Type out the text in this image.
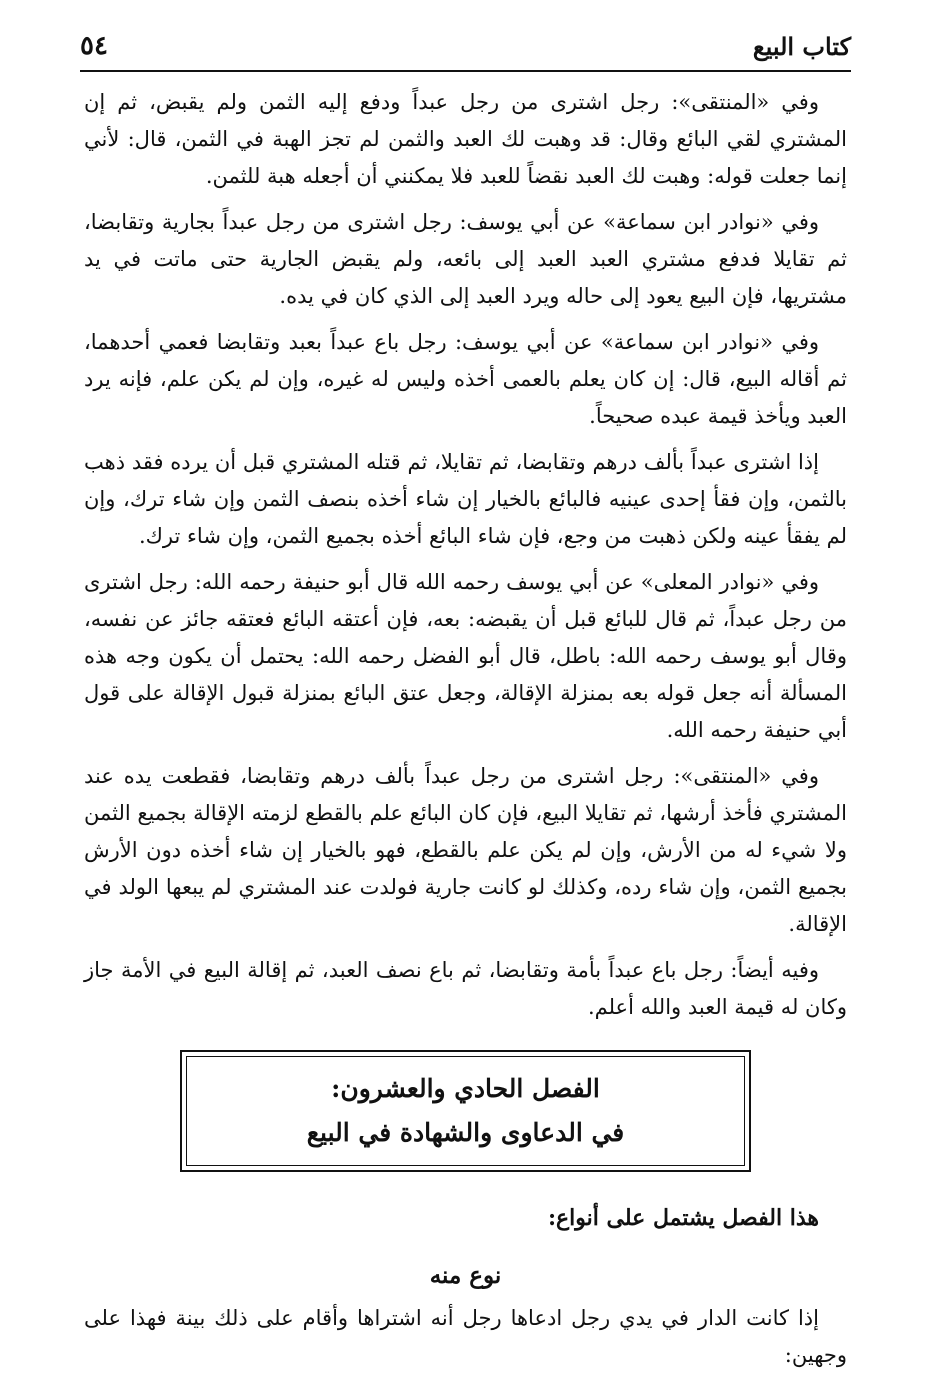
كتاب البيع
٥٤

وفي «المنتقى»: رجل اشترى من رجل عبداً ودفع إليه الثمن ولم يقبض، ثم إن المشتري لقي البائع وقال: قد وهبت لك العبد والثمن لم تجز الهبة في الثمن، قال: لأني إنما جعلت قوله: وهبت لك العبد نقضاً للعبد فلا يمكنني أن أجعله هبة للثمن.

وفي «نوادر ابن سماعة» عن أبي يوسف: رجل اشترى من رجل عبداً بجارية وتقابضا، ثم تقايلا فدفع مشتري العبد العبد إلى بائعه، ولم يقبض الجارية حتى ماتت في يد مشتريها، فإن البيع يعود إلى حاله ويرد العبد إلى الذي كان في يده.

وفي «نوادر ابن سماعة» عن أبي يوسف: رجل باع عبداً بعبد وتقابضا فعمي أحدهما، ثم أقاله البيع، قال: إن كان يعلم بالعمى أخذه وليس له غيره، وإن لم يكن علم، فإنه يرد العبد ويأخذ قيمة عبده صحيحاً.

إذا اشترى عبداً بألف درهم وتقابضا، ثم تقايلا، ثم قتله المشتري قبل أن يرده فقد ذهب بالثمن، وإن فقأ إحدى عينيه فالبائع بالخيار إن شاء أخذه بنصف الثمن وإن شاء ترك، وإن لم يفقأ عينه ولكن ذهبت من وجع، فإن شاء البائع أخذه بجميع الثمن، وإن شاء ترك.

وفي «نوادر المعلى» عن أبي يوسف رحمه الله قال أبو حنيفة رحمه الله: رجل اشترى من رجل عبداً، ثم قال للبائع قبل أن يقبضه: بعه، فإن أعتقه البائع فعتقه جائز عن نفسه، وقال أبو يوسف رحمه الله: باطل، قال أبو الفضل رحمه الله: يحتمل أن يكون وجه هذه المسألة أنه جعل قوله بعه بمنزلة الإقالة، وجعل عتق البائع بمنزلة قبول الإقالة على قول أبي حنيفة رحمه الله.

وفي «المنتقى»: رجل اشترى من رجل عبداً بألف درهم وتقابضا، فقطعت يده عند المشتري فأخذ أرشها، ثم تقايلا البيع، فإن كان البائع علم بالقطع لزمته الإقالة بجميع الثمن ولا شيء له من الأرش، وإن لم يكن علم بالقطع، فهو بالخيار إن شاء أخذه دون الأرش بجميع الثمن، وإن شاء رده، وكذلك لو كانت جارية فولدت عند المشتري لم يبعها الولد في الإقالة.

وفيه أيضاً: رجل باع عبداً بأمة وتقابضا، ثم باع نصف العبد، ثم إقالة البيع في الأمة جاز وكان له قيمة العبد والله أعلم.

الفصل الحادي والعشرون:
في الدعاوى والشهادة في البيع

هذا الفصل يشتمل على أنواع:

نوع منه

إذا كانت الدار في يدي رجل ادعاها رجل أنه اشتراها وأقام على ذلك بينة فهذا على وجهين:
